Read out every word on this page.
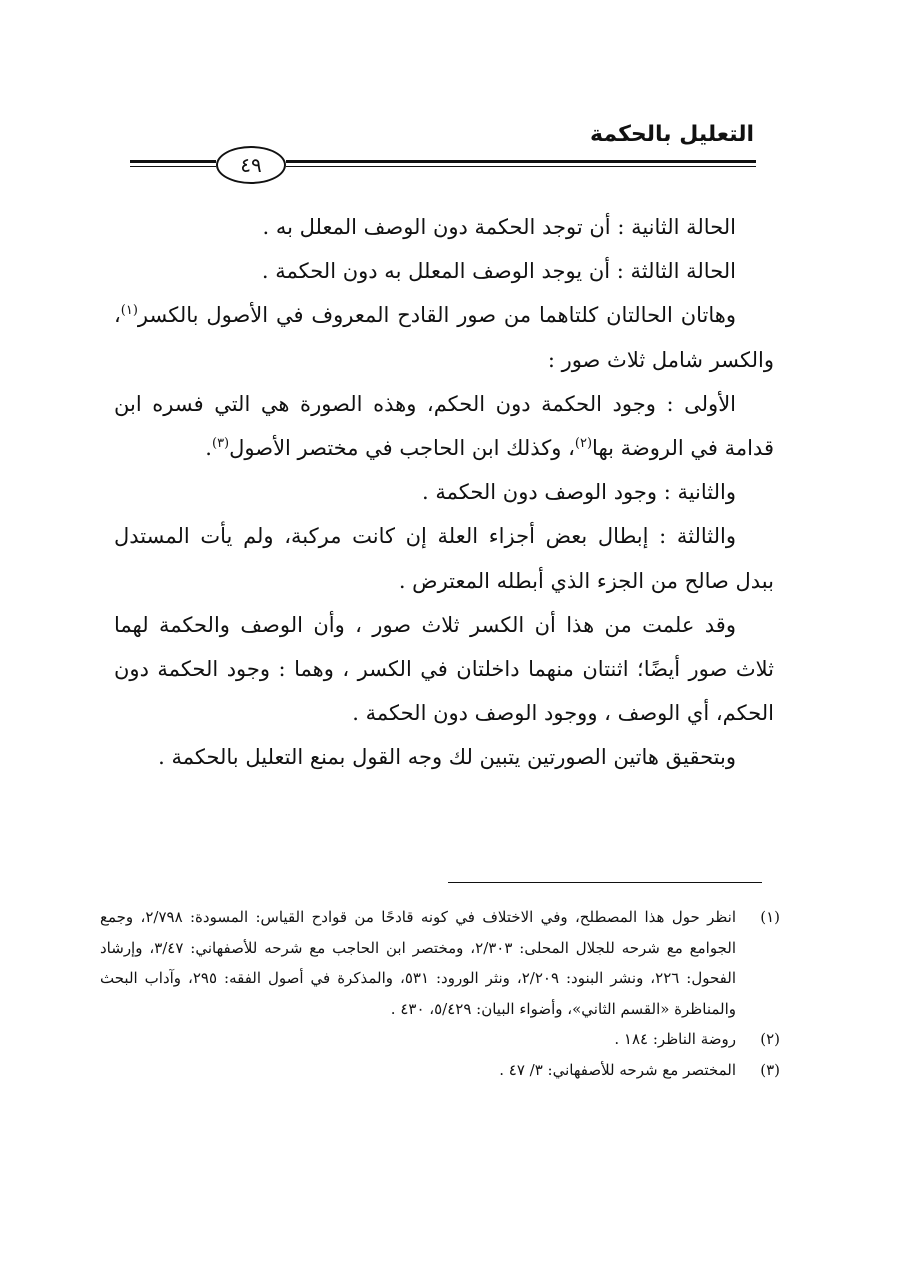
التعليل بالحكمة
٤٩

الحالة الثانية : أن توجد الحكمة دون الوصف المعلل به .

الحالة الثالثة : أن يوجد الوصف المعلل به دون الحكمة .

وهاتان الحالتان كلتاهما من صور القادح المعروف في الأصول بالكسر$^{(١)}$، والكسر شامل ثلاث صور :

الأولى : وجود الحكمة دون الحكم، وهذه الصورة هي التي فسره ابن قدامة في الروضة بها$^{(٢)}$، وكذلك ابن الحاجب في مختصر الأصول$^{(٣)}$.

والثانية : وجود الوصف دون الحكمة .

والثالثة : إبطال بعض أجزاء العلة إن كانت مركبة، ولم يأت المستدل ببدل صالح من الجزء الذي أبطله المعترض .

وقد علمت من هذا أن الكسر ثلاث صور ، وأن الوصف والحكمة لهما ثلاث صور أيضًا؛ اثنتان منهما داخلتان في الكسر ، وهما : وجود الحكمة دون الحكم، أي الوصف ، ووجود الوصف دون الحكمة .

وبتحقيق هاتين الصورتين يتبين لك وجه القول بمنع التعليل بالحكمة .

(١)
انظر حول هذا المصطلح، وفي الاختلاف في كونه قادحًا من قوادح القياس: المسودة: ٢/٧٩٨، وجمع الجوامع مع شرحه للجلال المحلى: ٢/٣٠٣، ومختصر ابن الحاجب مع شرحه للأصفهاني: ٣/٤٧، وإرشاد الفحول: ٢٢٦، ونشر البنود: ٢/٢٠٩، ونثر الورود: ٥٣١، والمذكرة في أصول الفقه: ٢٩٥، وآداب البحث والمناظرة «القسم الثاني»، وأضواء البيان: ٥/٤٢٩، ٤٣٠ .
(٢)
روضة الناظر: ١٨٤ .
(٣)
المختصر مع شرحه للأصفهاني: ٣/ ٤٧ .
